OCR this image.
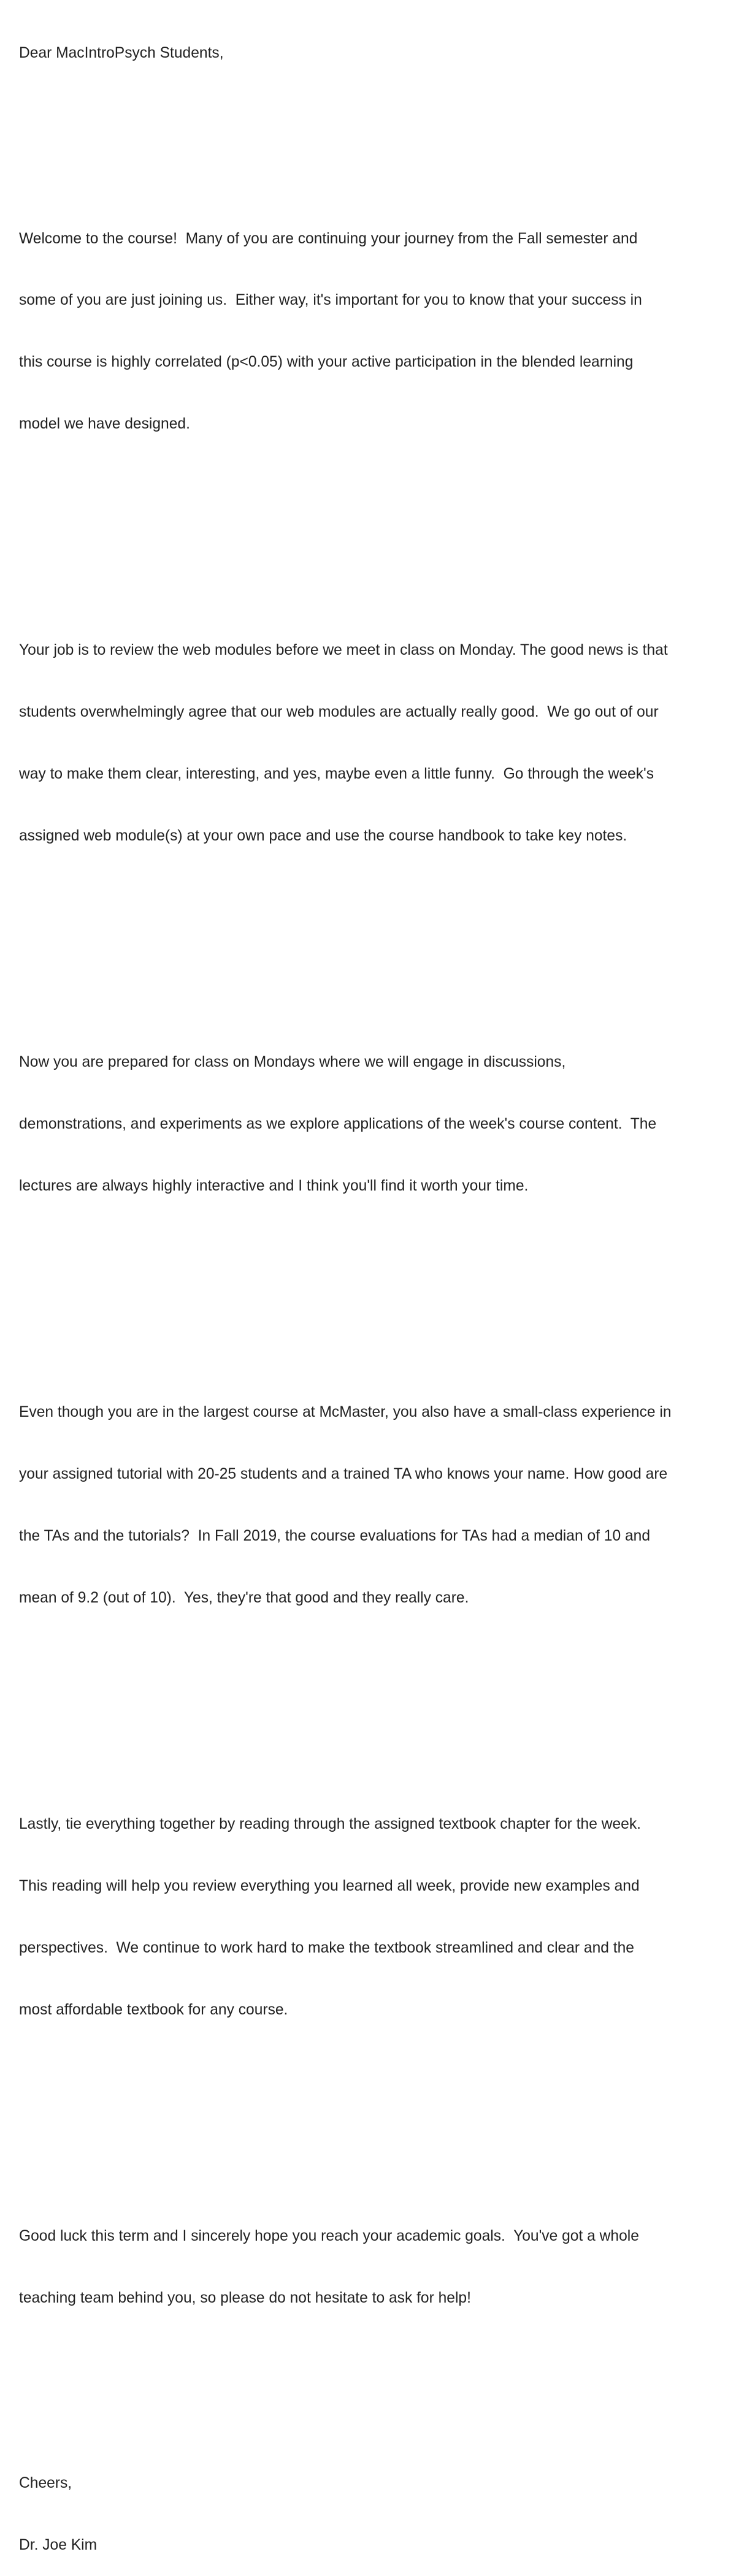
Dear MacIntroPsych Students,

Welcome to the course!  Many of you are continuing your journey from the Fall semester and

some of you are just joining us.  Either way, it's important for you to know that your success in

this course is highly correlated (p<0.05) with your active participation in the blended learning

model we have designed.

Your job is to review the web modules before we meet in class on Monday. The good news is that

students overwhelmingly agree that our web modules are actually really good.  We go out of our

way to make them clear, interesting, and yes, maybe even a little funny.  Go through the week's

assigned web module(s) at your own pace and use the course handbook to take key notes.

Now you are prepared for class on Mondays where we will engage in discussions,

demonstrations, and experiments as we explore applications of the week's course content.  The

lectures are always highly interactive and I think you'll find it worth your time.

Even though you are in the largest course at McMaster, you also have a small-class experience in

your assigned tutorial with 20-25 students and a trained TA who knows your name. How good are

the TAs and the tutorials?  In Fall 2019, the course evaluations for TAs had a median of 10 and

mean of 9.2 (out of 10).  Yes, they're that good and they really care.

Lastly, tie everything together by reading through the assigned textbook chapter for the week.

This reading will help you review everything you learned all week, provide new examples and

perspectives.  We continue to work hard to make the textbook streamlined and clear and the

most affordable textbook for any course.

Good luck this term and I sincerely hope you reach your academic goals.  You've got a whole

teaching team behind you, so please do not hesitate to ask for help!

Cheers,

Dr. Joe Kim
